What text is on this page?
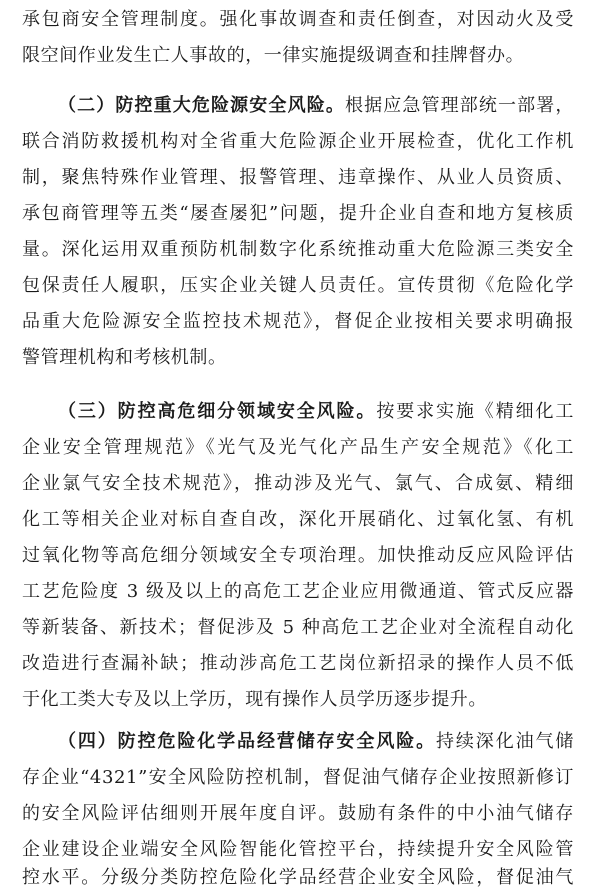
承包商安全管理制度。强化事故调查和责任倒查，对因动火及受
限空间作业发生亡人事故的，一律实施提级调查和挂牌督办。
（二）防控重大危险源安全风险。根据应急管理部统一部署，
联合消防救援机构对全省重大危险源企业开展检查，优化工作机
制，聚焦特殊作业管理、报警管理、违章操作、从业人员资质、
承包商管理等五类“屡查屡犯”问题，提升企业自查和地方复核质
量。深化运用双重预防机制数字化系统推动重大危险源三类安全
包保责任人履职，压实企业关键人员责任。宣传贯彻《危险化学
品重大危险源安全监控技术规范》，督促企业按相关要求明确报
警管理机构和考核机制。
（三）防控高危细分领域安全风险。按要求实施《精细化工
企业安全管理规范》《光气及光气化产品生产安全规范》《化工
企业氯气安全技术规范》，推动涉及光气、氯气、合成氨、精细
化工等相关企业对标自查自改，深化开展硝化、过氧化氢、有机
过氧化物等高危细分领域安全专项治理。加快推动反应风险评估
工艺危险度 3 级及以上的高危工艺企业应用微通道、管式反应器
等新装备、新技术；督促涉及 5 种高危工艺企业对全流程自动化
改造进行查漏补缺；推动涉高危工艺岗位新招录的操作人员不低
于化工类大专及以上学历，现有操作人员学历逐步提升。
（四）防控危险化学品经营储存安全风险。持续深化油气储
存企业“4321”安全风险防控机制，督促油气储存企业按照新修订
的安全风险评估细则开展年度自评。鼓励有条件的中小油气储存
企业建设企业端安全风险智能化管控平台，持续提升安全风险管
控水平。分级分类防控危险化学品经营企业安全风险，督促油气
